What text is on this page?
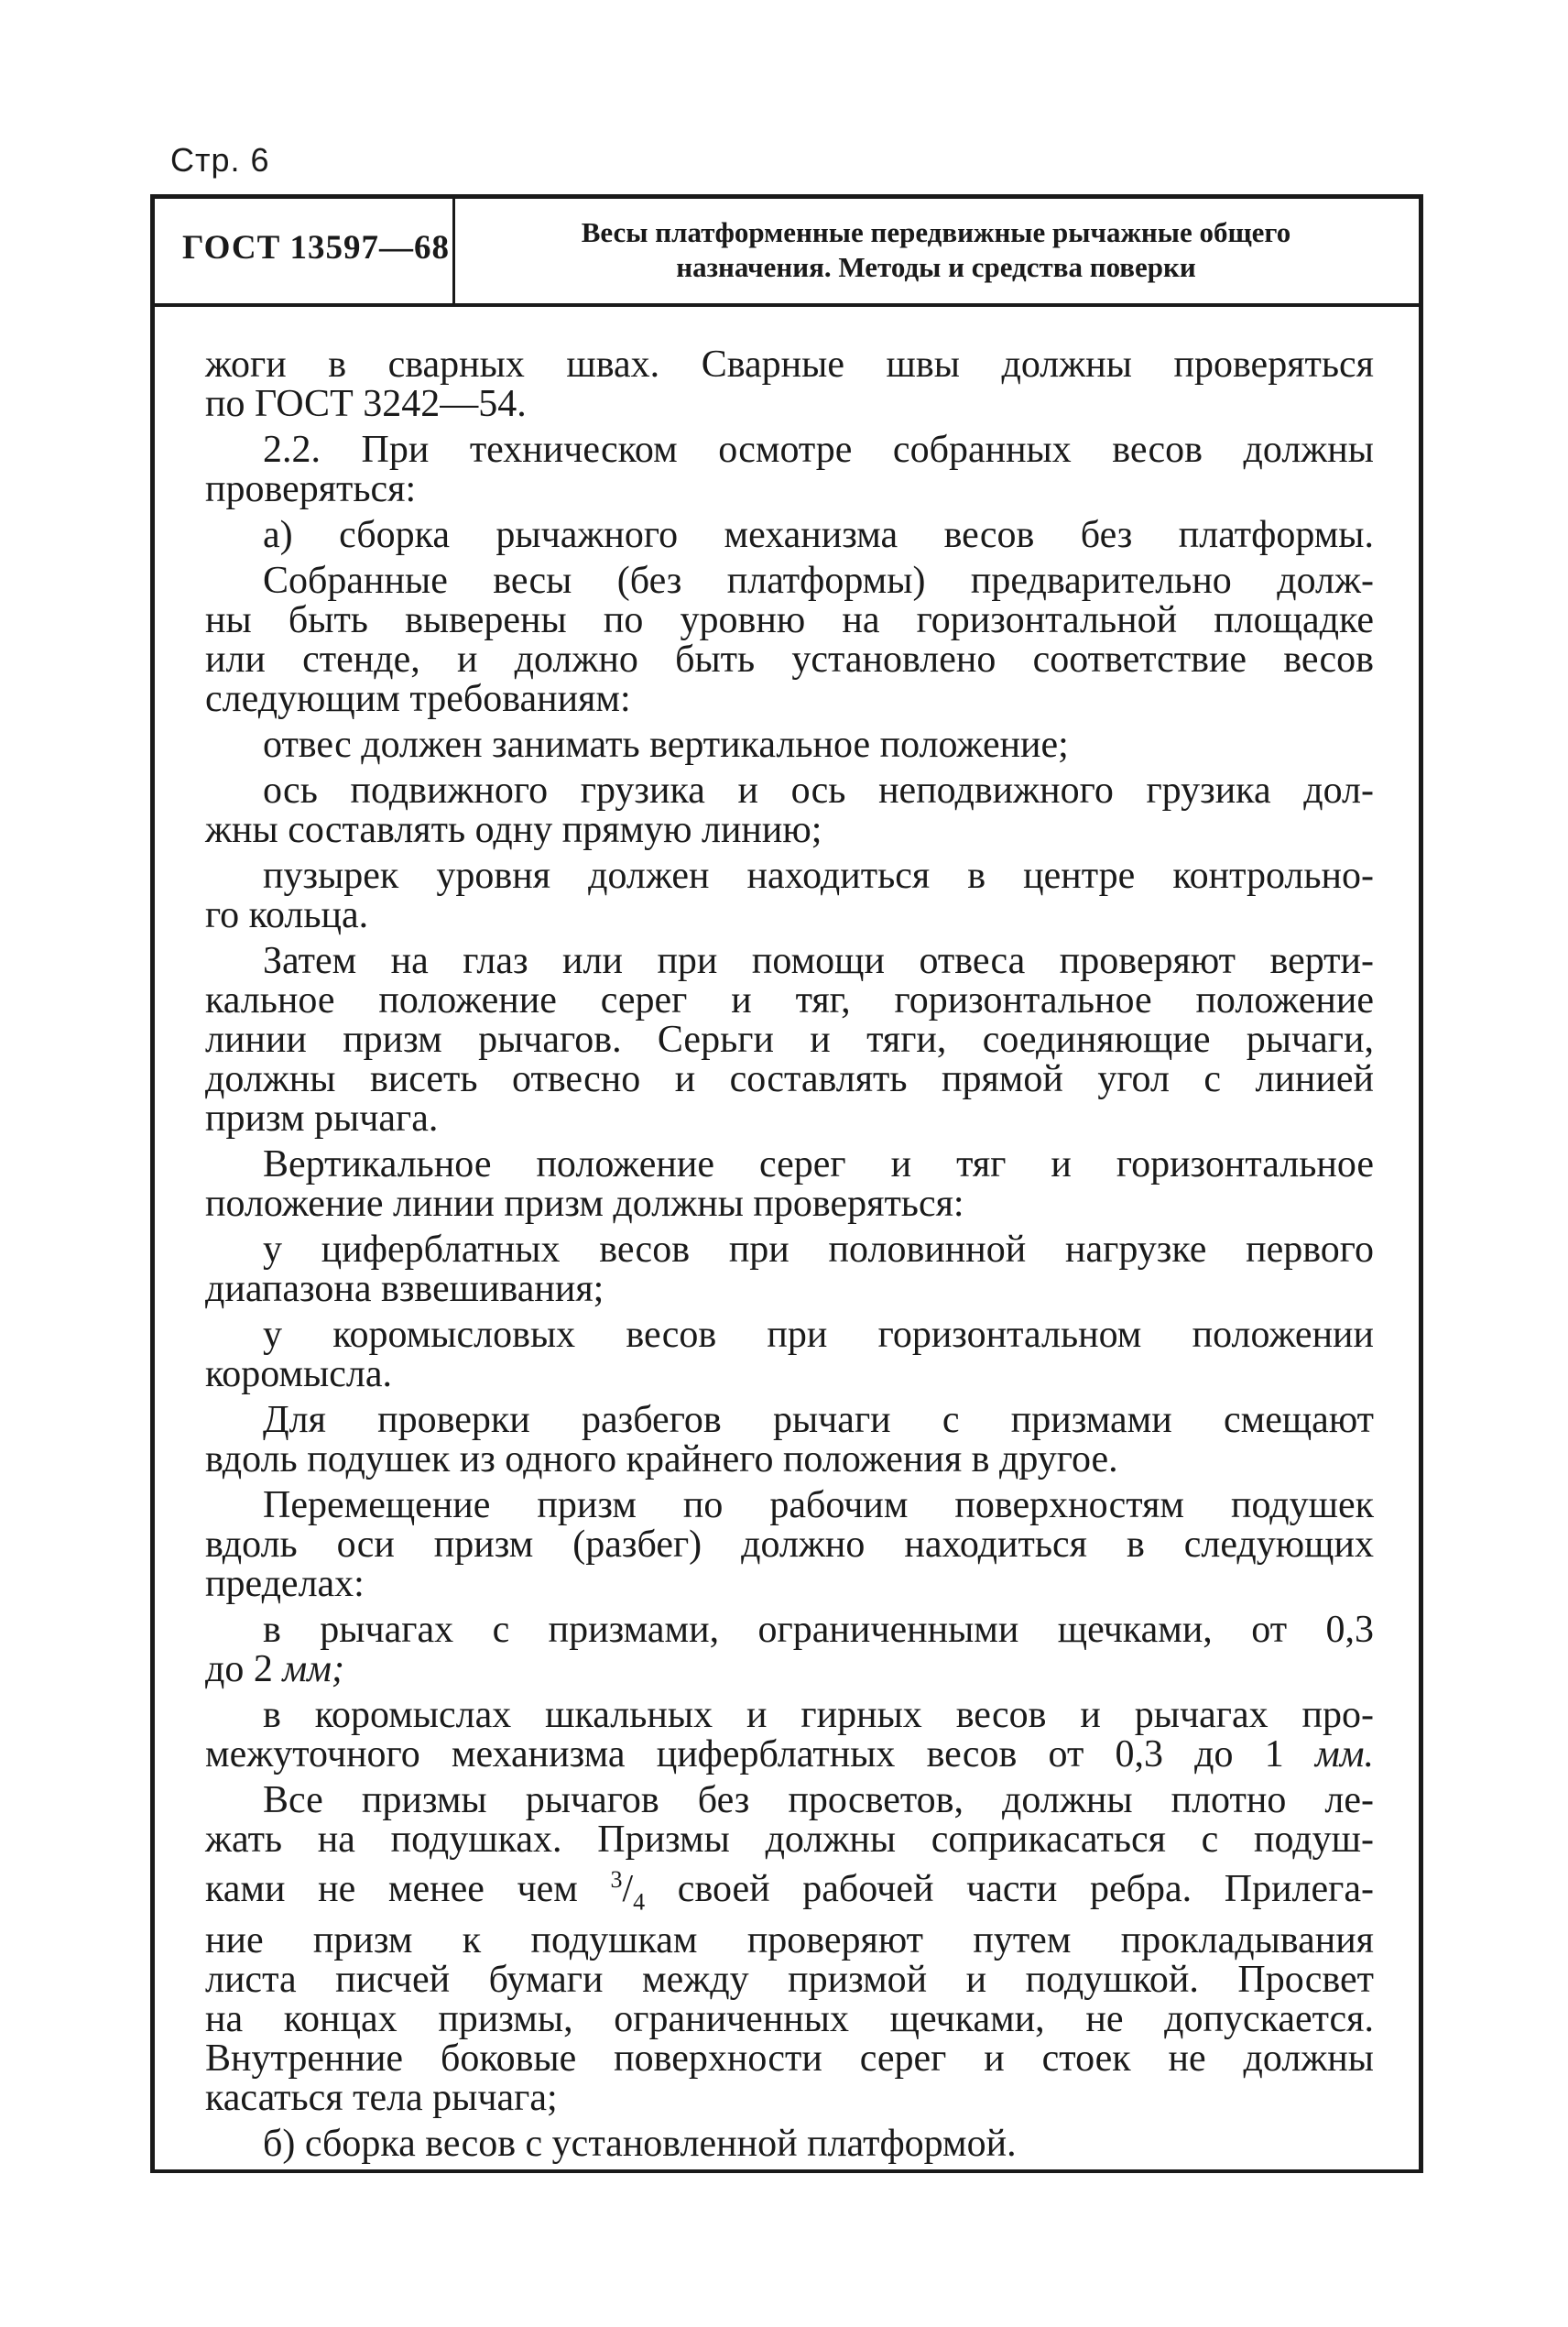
Стр. 6
ГОСТ 13597—68	Весы платформенные передвижные рычажные общего
назначения. Методы и средства поверки
жоги в сварных швах. Сварные швы должны проверяться
по ГОСТ 3242—54.
2.2. При техническом осмотре собранных весов должны
проверяться:
а) сборка рычажного механизма весов без платформы.
Собранные весы (без платформы) предварительно долж-
ны быть выверены по уровню на горизонтальной площадке
или стенде, и должно быть установлено соответствие весов
следующим требованиям:
отвес должен занимать вертикальное положение;
ось подвижного грузика и ось неподвижного грузика дол-
жны составлять одну прямую линию;
пузырек уровня должен находиться в центре контрольно-
го кольца.
Затем на глаз или при помощи отвеса проверяют верти-
кальное положение серег и тяг, горизонтальное положение
линии призм рычагов. Серьги и тяги, соединяющие рычаги,
должны висеть отвесно и составлять прямой угол с линией
призм рычага.
Вертикальное положение серег и тяг и горизонтальное
положение линии призм должны проверяться:
у циферблатных весов при половинной нагрузке первого
диапазона взвешивания;
у коромысловых весов при горизонтальном положении
коромысла.
Для проверки разбегов рычаги с призмами смещают
вдоль подушек из одного крайнего положения в другое.
Перемещение призм по рабочим поверхностям подушек
вдоль оси призм (разбег) должно находиться в следующих
пределах:
в рычагах с призмами, ограниченными щечками, от 0,3
до 2 мм;
в коромыслах шкальных и гирных весов и рычагах про-
межуточного механизма циферблатных весов от 0,3 до 1 мм.
Все призмы рычагов без просветов, должны плотно ле-
жать на подушках. Призмы должны соприкасаться с подуш-
ками не менее чем $^3/_4$ своей рабочей части ребра. Прилега-
ние призм к подушкам проверяют путем прокладывания
листа писчей бумаги между призмой и подушкой. Просвет
на концах призмы, ограниченных щечками, не допускается.
Внутренние боковые поверхности серег и стоек не должны
касаться тела рычага;
б) сборка весов с установленной платформой.
